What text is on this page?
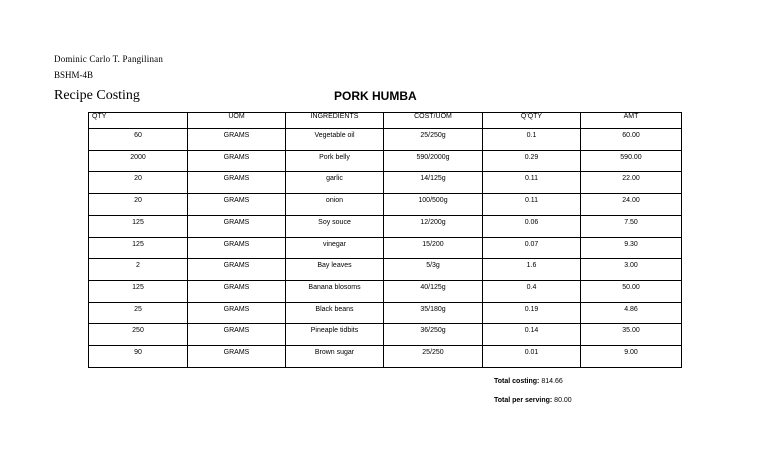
Dominic Carlo T. Pangilinan
BSHM-4B
Recipe Costing	PORK HUMBA
QTY	UOM	INGREDIENTS	COST/UOM	Q'QTY	AMT
60	GRAMS	Vegetable oil	25/250g	0.1	60.00
2000	GRAMS	Pork belly	590/2000g	0.29	590.00
20	GRAMS	garlic	14/125g	0.11	22.00
20	GRAMS	onion	100/500g	0.11	24.00
125	GRAMS	Soy souce	12/200g	0.06	7.50
125	GRAMS	vinegar	15/200	0.07	9.30
2	GRAMS	Bay leaves	5/3g	1.6	3.00
125	GRAMS	Banana blosoms	40/125g	0.4	50.00
25	GRAMS	Black beans	35/180g	0.19	4.86
250	GRAMS	Pineaple tidbits	36/250g	0.14	35.00
90	GRAMS	Brown sugar	25/250	0.01	9.00
Total costing: 814.66
Total per serving: 80.00
